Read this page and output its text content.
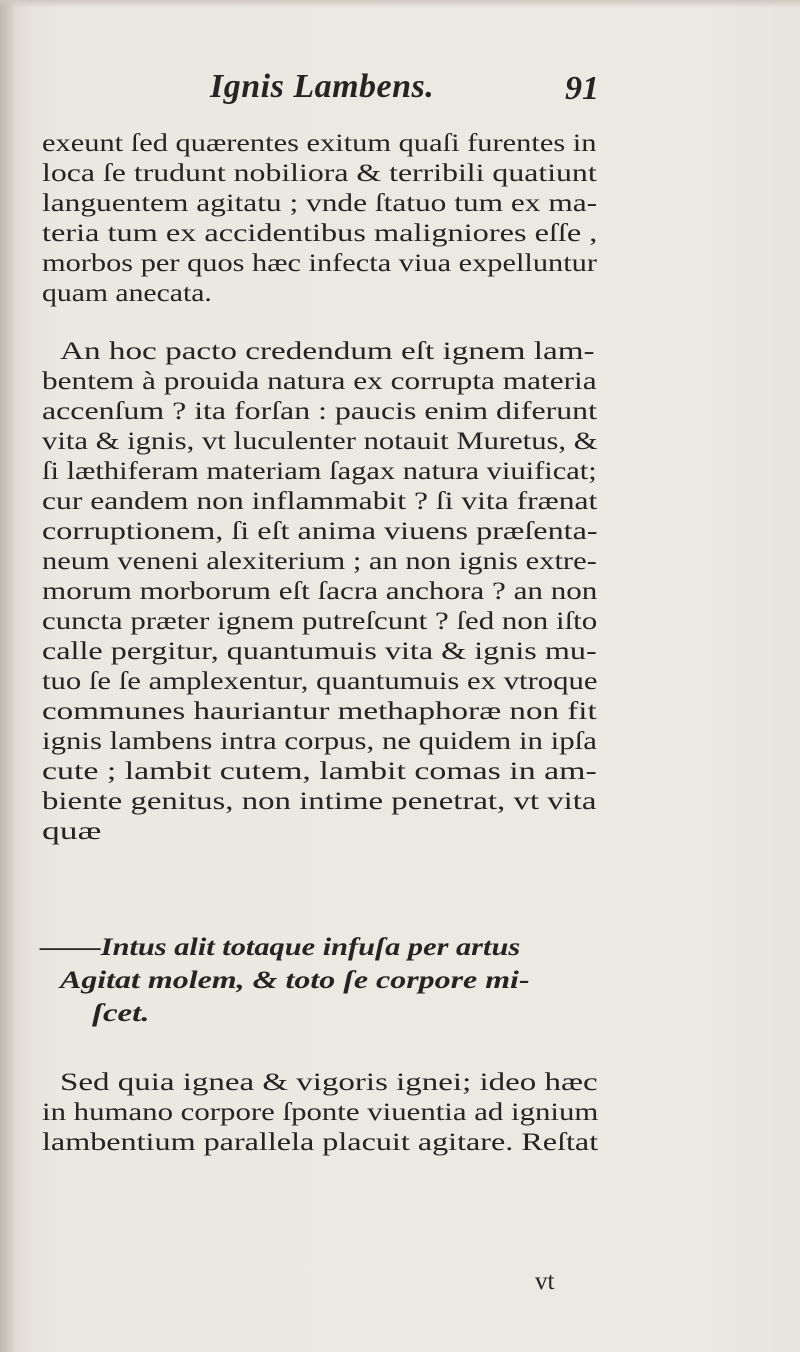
Ignis Lambens.	91
exeunt ſed quærentes exitum quaſi furentes in
loca ſe trudunt nobiliora & terribili quatiunt
languentem agitatu ; vnde ſtatuo tum ex ma-
teria tum ex accidentibus maligniores eſſe ,
morbos per quos hæc infecta viua expelluntur
quam anecata.
An hoc pacto credendum eſt ignem lam-
bentem à prouida natura ex corrupta materia
accenſum ? ita forſan : paucis enim diferunt
vita & ignis, vt luculenter notauit Muretus, &
ſi læthiferam materiam ſagax natura viuificat;
cur eandem non inflammabit ? ſi vita frænat
corruptionem, ſi eſt anima viuens præſenta-
neum veneni alexiterium ; an non ignis extre-
morum morborum eſt ſacra anchora ? an non
cuncta præter ignem putreſcunt ? ſed non iſto
calle pergitur, quantumuis vita & ignis mu-
tuo ſe ſe amplexentur, quantumuis ex vtroque
communes hauriantur methaphoræ non fit
ignis lambens intra corpus, ne quidem in ipſa
cute ; lambit cutem, lambit comas in am-
biente genitus, non intime penetrat, vt vita
quæ
——Intus alit totaque infuſa per artus
Agitat molem, & toto ſe corpore mi-
ſcet.
Sed quia ignea & vigoris ignei; ideo hæc
in humano corpore ſponte viuentia ad ignium
lambentium parallela placuit agitare. Reſtat
vt
